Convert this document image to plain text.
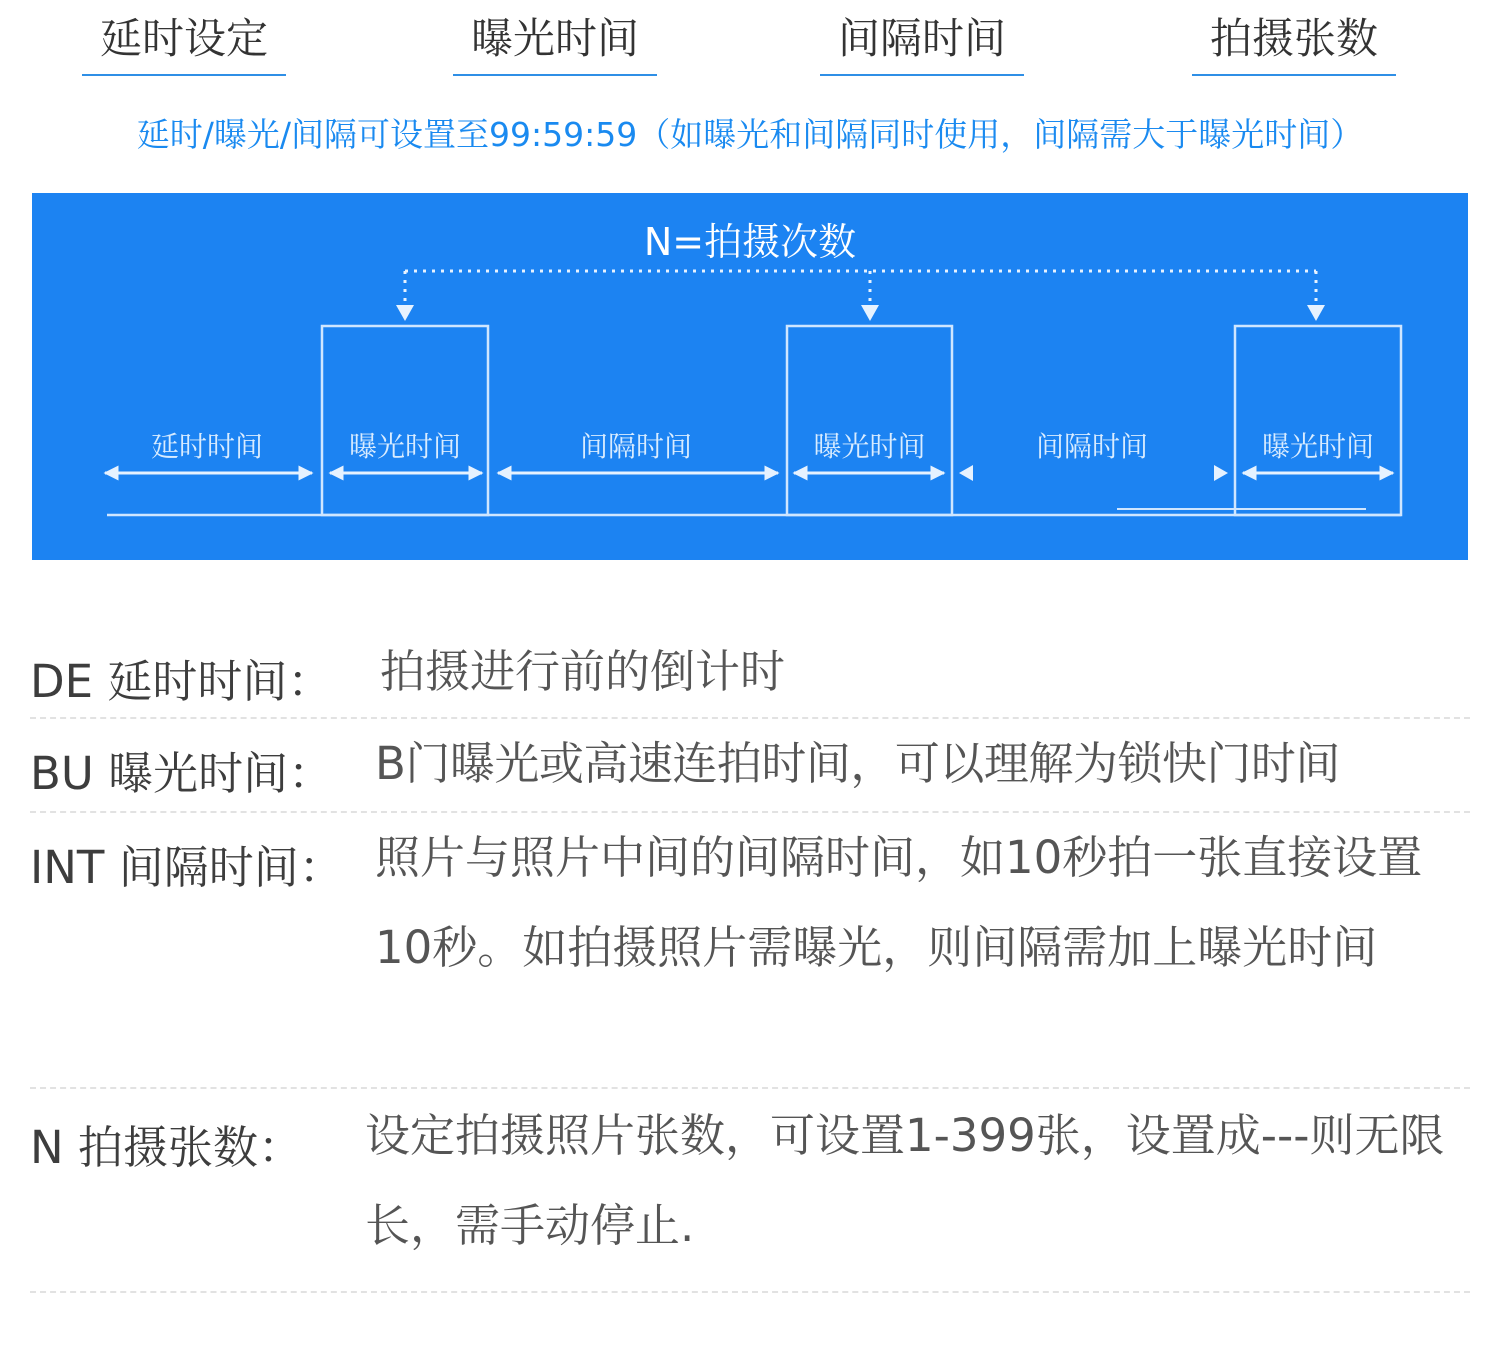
延时设定	曝光时间	间隔时间	拍摄张数
延时/曝光/间隔可设置至99:59:59（如曝光和间隔同时使用，间隔需大于曝光时间）
N=拍摄次数
延时时间	曝光时间	间隔时间	曝光时间	间隔时间	曝光时间
DE 延时时间： 拍摄进行前的倒计时
BU 曝光时间： B门曝光或高速连拍时间，可以理解为锁快门时间
INT 间隔时间： 照片与照片中间的间隔时间，如10秒拍一张直接设置10秒。如拍摄照片需曝光，则间隔需加上曝光时间
N 拍摄张数： 设定拍摄照片张数，可设置1-399张，设置成---则无限长，需手动停止.
